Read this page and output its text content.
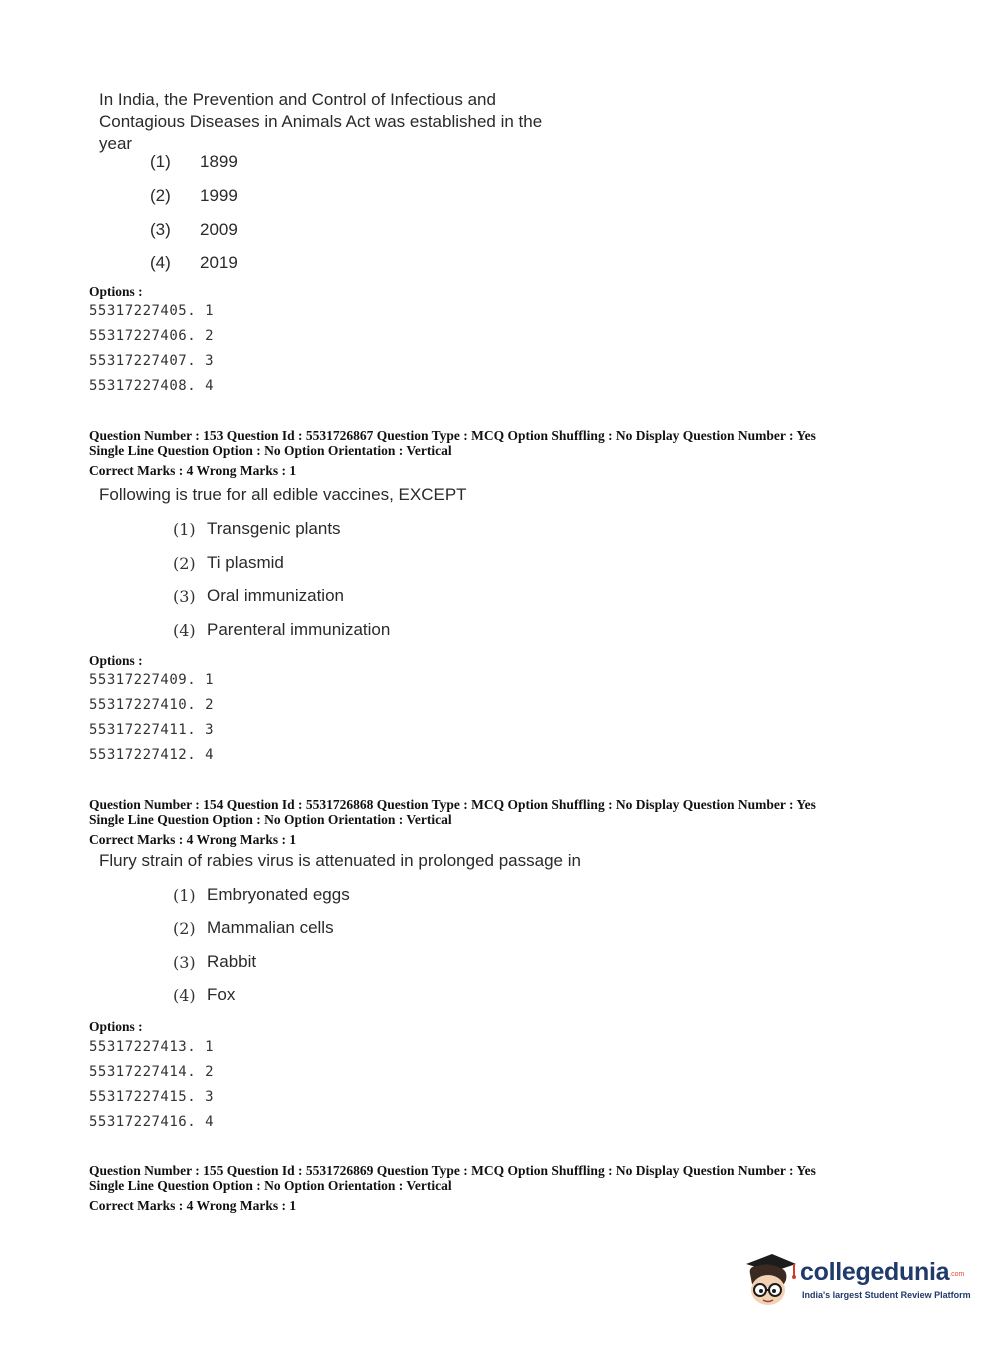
In India, the Prevention and Control of Infectious and
Contagious Diseases in Animals Act was established in the
year
(1) 1899
(2) 1999
(3) 2009
(4) 2019
Options :
55317227405. 1
55317227406. 2
55317227407. 3
55317227408. 4
Question Number : 153 Question Id : 5531726867 Question Type : MCQ Option Shuffling : No Display Question Number : Yes
Single Line Question Option : No Option Orientation : Vertical
Correct Marks : 4 Wrong Marks : 1
Following is true for all edible vaccines, EXCEPT
(1) Transgenic plants
(2) Ti plasmid
(3) Oral immunization
(4) Parenteral immunization
Options :
55317227409. 1
55317227410. 2
55317227411. 3
55317227412. 4
Question Number : 154 Question Id : 5531726868 Question Type : MCQ Option Shuffling : No Display Question Number : Yes
Single Line Question Option : No Option Orientation : Vertical
Correct Marks : 4 Wrong Marks : 1
Flury strain of rabies virus is attenuated in prolonged passage in
(1) Embryonated eggs
(2) Mammalian cells
(3) Rabbit
(4) Fox
Options :
55317227413. 1
55317227414. 2
55317227415. 3
55317227416. 4
Question Number : 155 Question Id : 5531726869 Question Type : MCQ Option Shuffling : No Display Question Number : Yes
Single Line Question Option : No Option Orientation : Vertical
Correct Marks : 4 Wrong Marks : 1
collegedunia$^{.com}$
India's largest Student Review Platform
